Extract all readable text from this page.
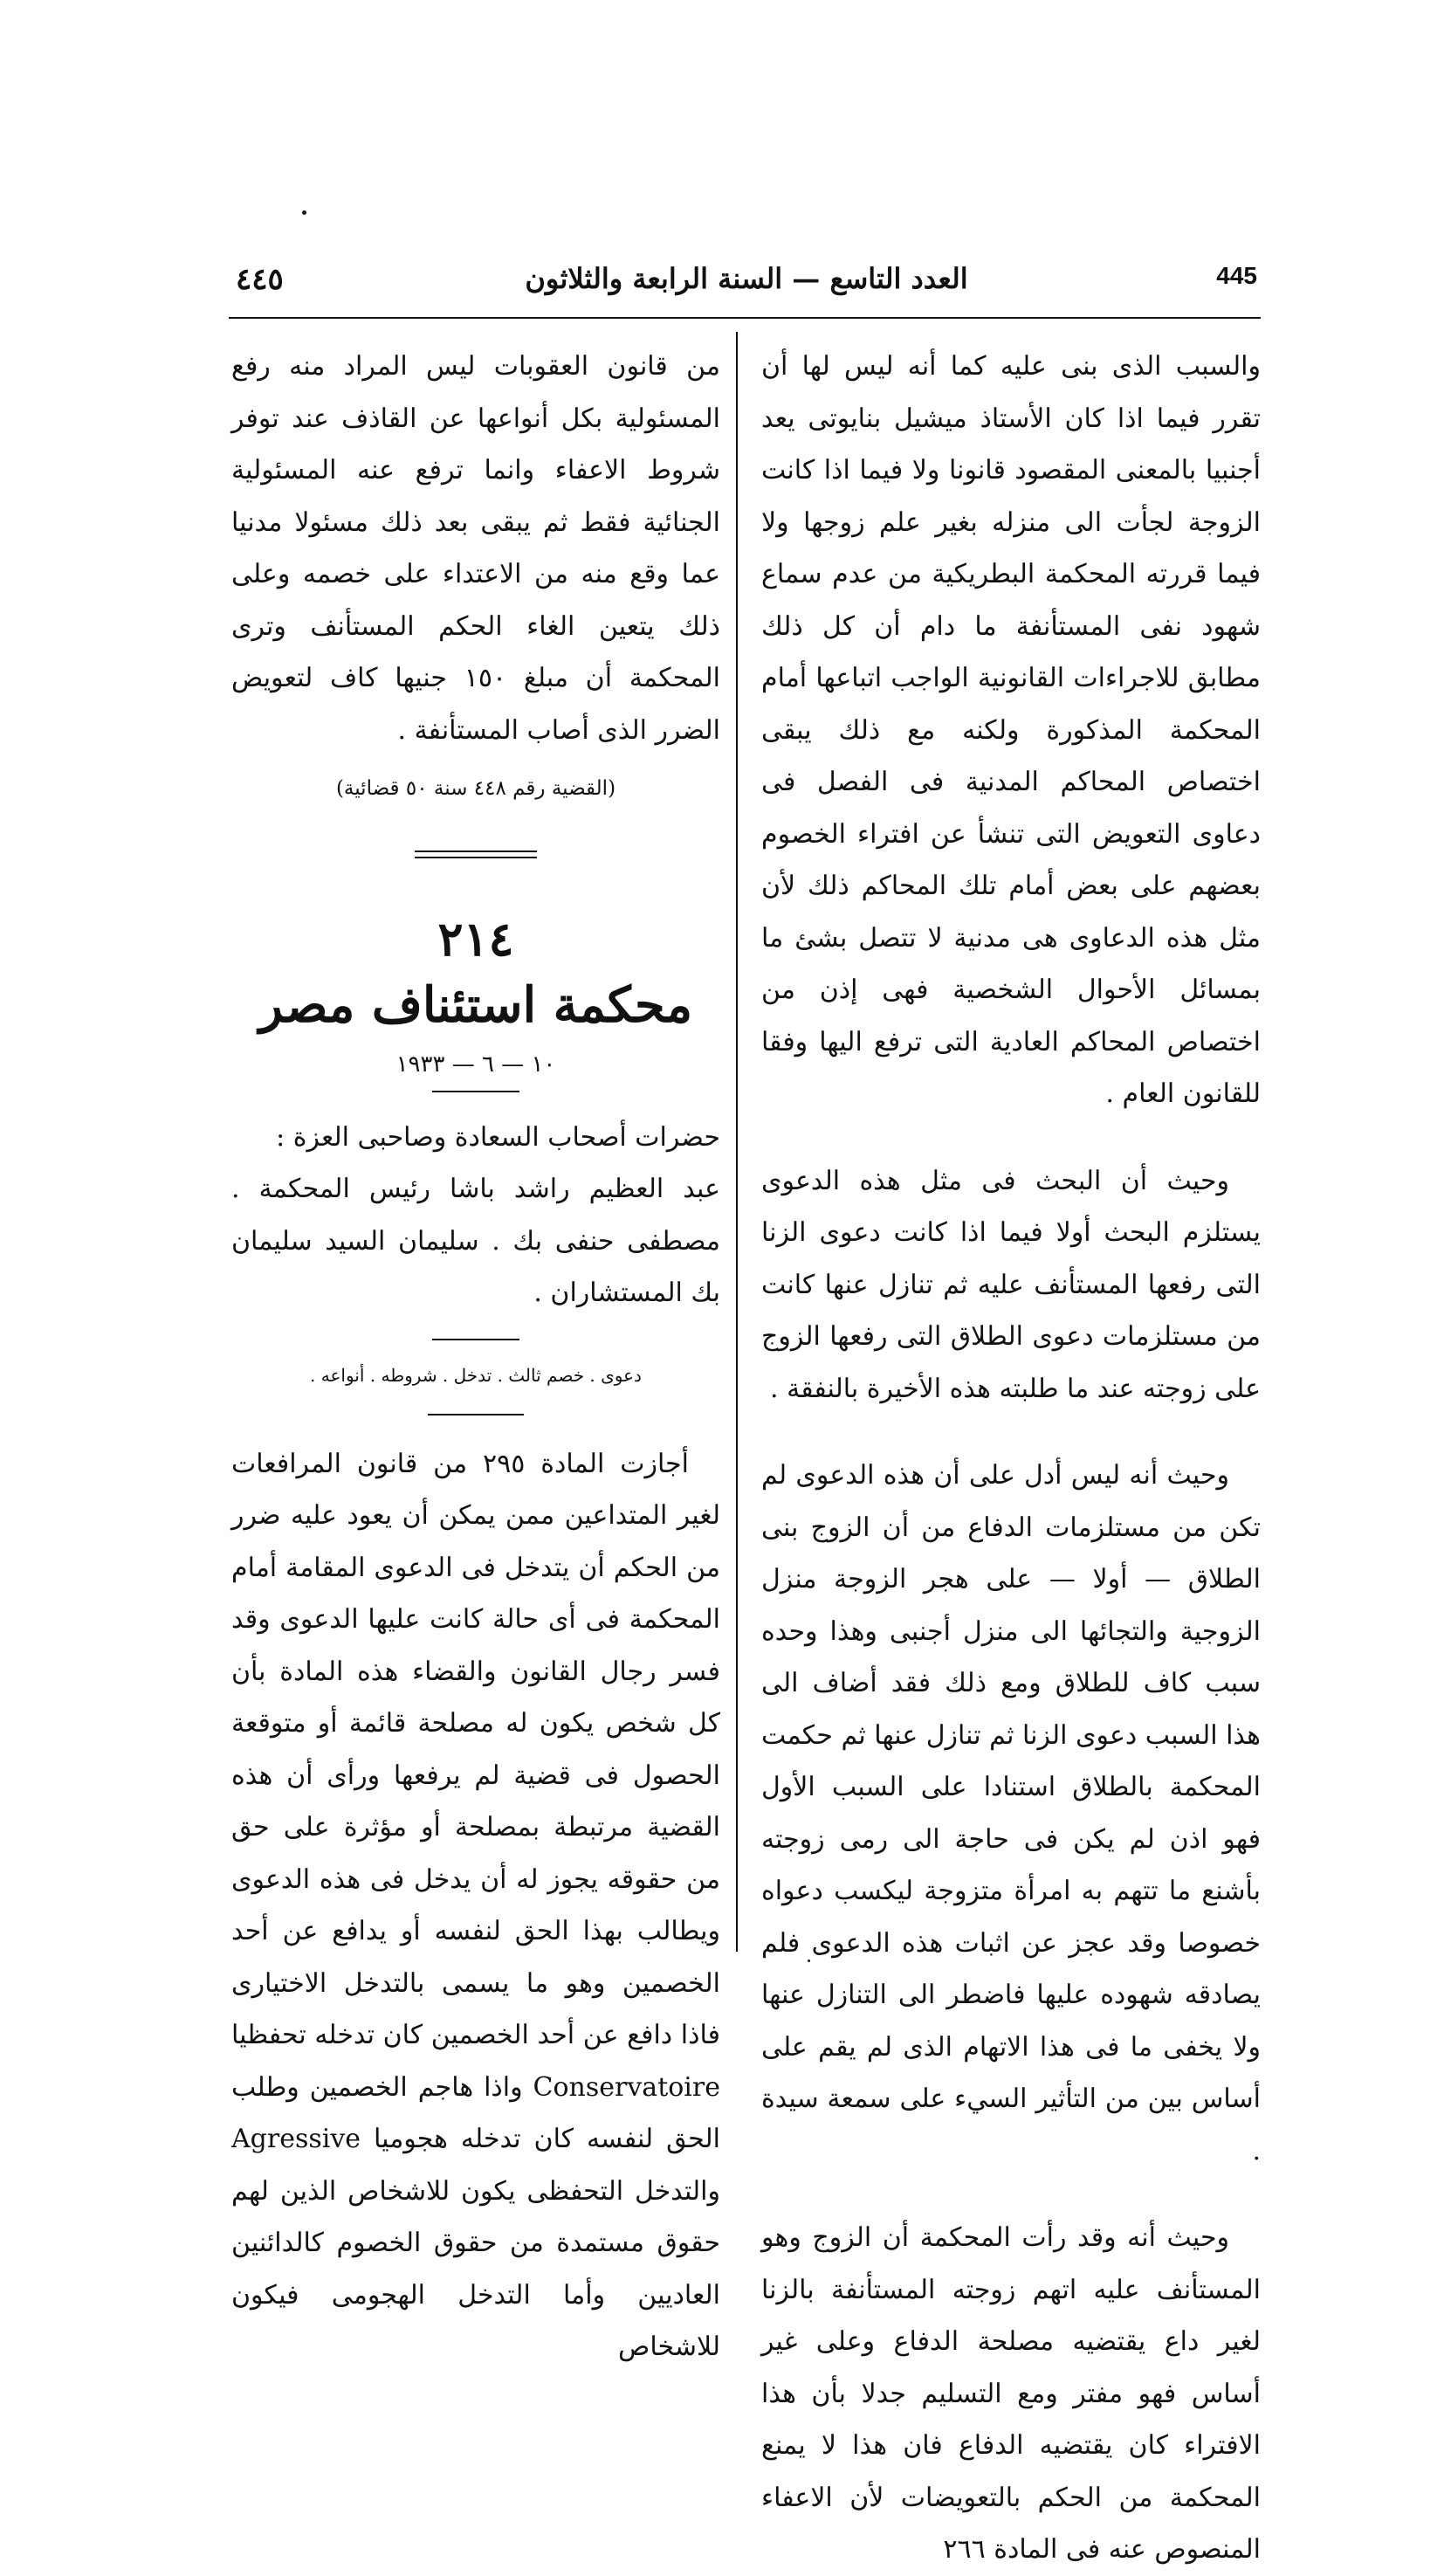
٤٤٥	العدد التاسع — السنة الرابعة والثلاثون	445

والسبب الذى بنى عليه كما أنه ليس لها أن تقرر فيما اذا كان الأستاذ ميشيل بنايوتى يعد أجنبيا بالمعنى المقصود قانونا ولا فيما اذا كانت الزوجة لجأت الى منزله بغير علم زوجها ولا فيما قررته المحكمة البطريكية من عدم سماع شهود نفى المستأنفة ما دام أن كل ذلك مطابق للاجراءات القانونية الواجب اتباعها أمام المحكمة المذكورة ولكنه مع ذلك يبقى اختصاص المحاكم المدنية فى الفصل فى دعاوى التعويض التى تنشأ عن افتراء الخصوم بعضهم على بعض أمام تلك المحاكم ذلك لأن مثل هذه الدعاوى هى مدنية لا تتصل بشئ ما بمسائل الأحوال الشخصية فهى إذن من اختصاص المحاكم العادية التى ترفع اليها وفقا للقانون العام .

وحيث أن البحث فى مثل هذه الدعوى يستلزم البحث أولا فيما اذا كانت دعوى الزنا التى رفعها المستأنف عليه ثم تنازل عنها كانت من مستلزمات دعوى الطلاق التى رفعها الزوج على زوجته عند ما طلبته هذه الأخيرة بالنفقة .

وحيث أنه ليس أدل على أن هذه الدعوى لم تكن من مستلزمات الدفاع من أن الزوج بنى الطلاق — أولا — على هجر الزوجة منزل الزوجية والتجائها الى منزل أجنبى وهذا وحده سبب كاف للطلاق ومع ذلك فقد أضاف الى هذا السبب دعوى الزنا ثم تنازل عنها ثم حكمت المحكمة بالطلاق استنادا على السبب الأول فهو اذن لم يكن فى حاجة الى رمى زوجته بأشنع ما تتهم به امرأة متزوجة ليكسب دعواه خصوصا وقد عجز عن اثبات هذه الدعوى فلم يصادقه شهوده عليها فاضطر الى التنازل عنها ولا يخفى ما فى هذا الاتهام الذى لم يقم على أساس بين من التأثير السيء على سمعة سيدة .

وحيث أنه وقد رأت المحكمة أن الزوج وهو المستأنف عليه اتهم زوجته المستأنفة بالزنا لغير داع يقتضيه مصلحة الدفاع وعلى غير أساس فهو مفتر ومع التسليم جدلا بأن هذا الافتراء كان يقتضيه الدفاع فان هذا لا يمنع المحكمة من الحكم بالتعويضات لأن الاعفاء المنصوص عنه فى المادة ٢٦٦

من قانون العقوبات ليس المراد منه رفع المسئولية بكل أنواعها عن القاذف عند توفر شروط الاعفاء وانما ترفع عنه المسئولية الجنائية فقط ثم يبقى بعد ذلك مسئولا مدنيا عما وقع منه من الاعتداء على خصمه وعلى ذلك يتعين الغاء الحكم المستأنف وترى المحكمة أن مبلغ ١٥٠ جنيها كاف لتعويض الضرر الذى أصاب المستأنفة .

(القضية رقم ٤٤٨ سنة ٥٠ قضائية)

٢١٤

محكمة استئناف مصر

١٠ — ٦ — ١٩٣٣

حضرات أصحاب السعادة وصاحبى العزة :

عبد العظيم راشد باشا رئيس المحكمة . مصطفى حنفى بك . سليمان السيد سليمان بك المستشاران .

دعوى . خصم ثالث . تدخل . شروطه . أنواعه .

أجازت المادة ٢٩٥ من قانون المرافعات لغير المتداعين ممن يمكن أن يعود عليه ضرر من الحكم أن يتدخل فى الدعوى المقامة أمام المحكمة فى أى حالة كانت عليها الدعوى وقد فسر رجال القانون والقضاء هذه المادة بأن كل شخص يكون له مصلحة قائمة أو متوقعة الحصول فى قضية لم يرفعها ورأى أن هذه القضية مرتبطة بمصلحة أو مؤثرة على حق من حقوقه يجوز له أن يدخل فى هذه الدعوى ويطالب بهذا الحق لنفسه أو يدافع عن أحد الخصمين وهو ما يسمى بالتدخل الاختيارى فاذا دافع عن أحد الخصمين كان تدخله تحفظيا Conservatoire واذا هاجم الخصمين وطلب الحق لنفسه كان تدخله هجوميا Agressive والتدخل التحفظى يكون للاشخاص الذين لهم حقوق مستمدة من حقوق الخصوم كالدائنين العاديين وأما التدخل الهجومى فيكون للاشخاص
